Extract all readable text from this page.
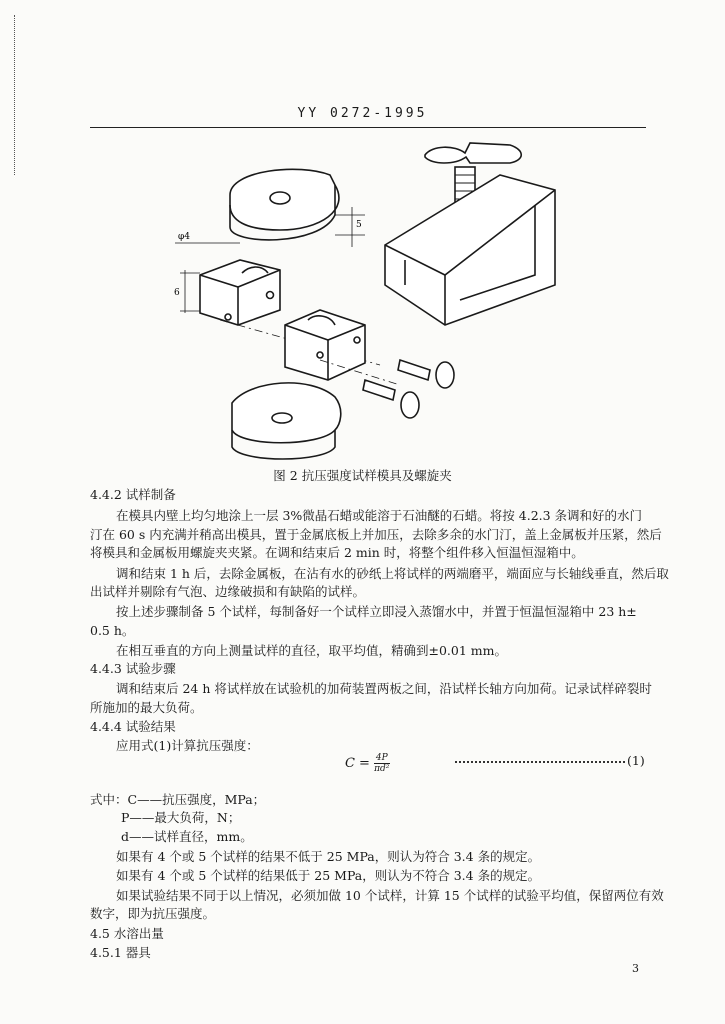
YY 0272-1995
φ4
6
5
图 2 抗压强度试样模具及螺旋夹
4.4.2 试样制备
在模具内壁上均匀地涂上一层 3%微晶石蜡或能溶于石油醚的石蜡。将按 4.2.3 条调和好的水门
汀在 60 s 内充满并稍高出模具，置于金属底板上并加压，去除多余的水门汀，盖上金属板并压紧，然后
将模具和金属板用螺旋夹夹紧。在调和结束后 2 min 时，将整个组件移入恒温恒湿箱中。
调和结束 1 h 后，去除金属板，在沾有水的砂纸上将试样的两端磨平，端面应与长轴线垂直，然后取
出试样并剔除有气泡、边缘破损和有缺陷的试样。
按上述步骤制备 5 个试样，每制备好一个试样立即浸入蒸馏水中，并置于恒温恒湿箱中 23 h±
0.5 h。
在相互垂直的方向上测量试样的直径，取平均值，精确到±0.01 mm。
4.4.3 试验步骤
调和结束后 24 h 将试样放在试验机的加荷装置两板之间，沿试样长轴方向加荷。记录试样碎裂时
所施加的最大负荷。
4.4.4 试验结果
应用式(1)计算抗压强度：
$C = \frac{4P}{\text{πd²}}$	(1)
式中：C——抗压强度，MPa；
P——最大负荷，N；
d——试样直径，mm。
如果有 4 个或 5 个试样的结果不低于 25 MPa，则认为符合 3.4 条的规定。
如果有 4 个或 5 个试样的结果低于 25 MPa，则认为不符合 3.4 条的规定。
如果试验结果不同于以上情况，必须加做 10 个试样，计算 15 个试样的试验平均值，保留两位有效
数字，即为抗压强度。
4.5 水溶出量
4.5.1 器具
3
